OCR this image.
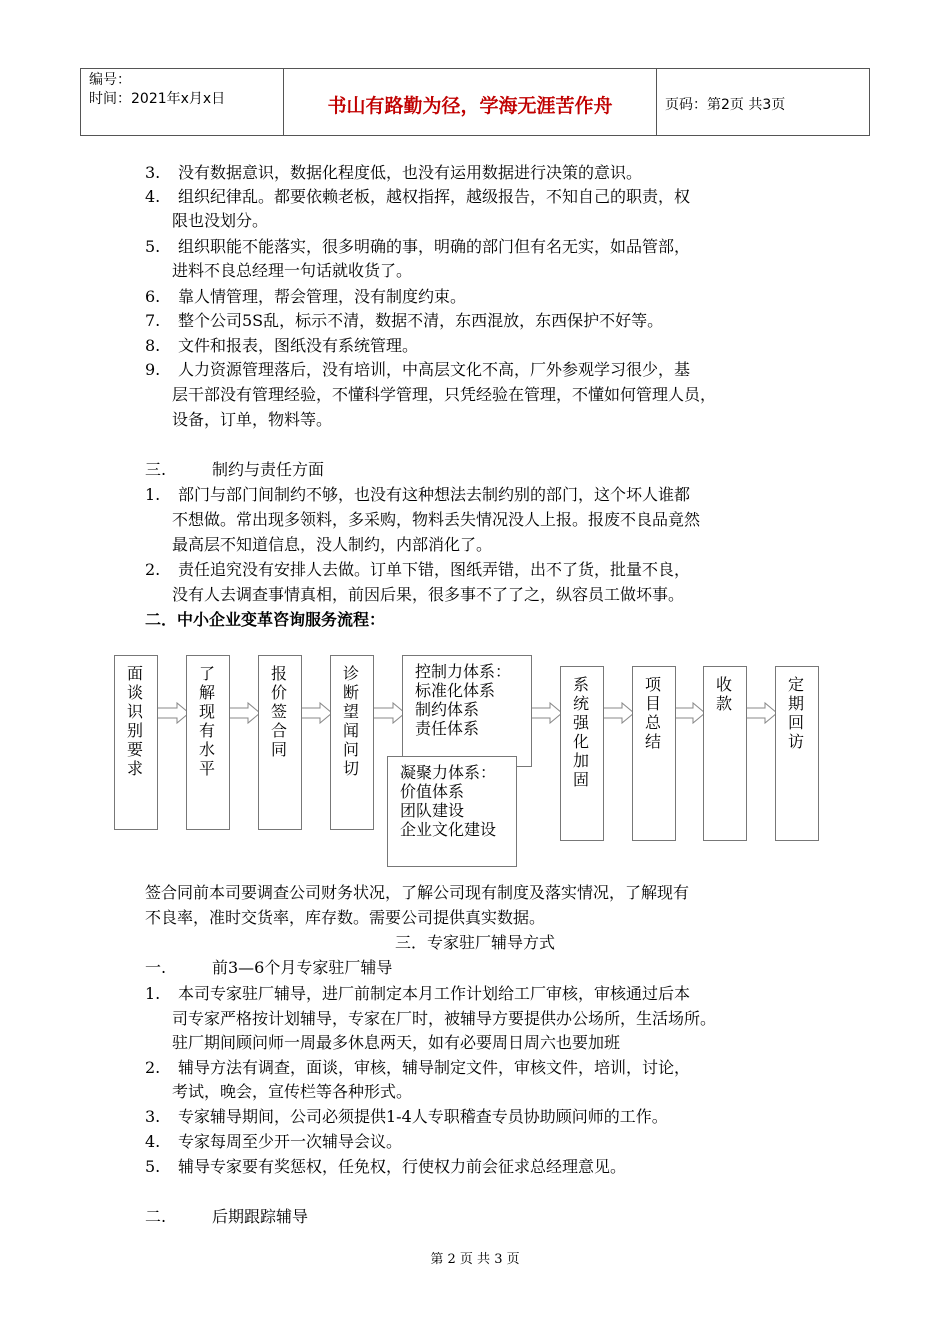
编号：
时间：2021年x月x日	书山有路勤为径，学海无涯苦作舟	页码：第2页 共3页
3. 没有数据意识，数据化程度低，也没有运用数据进行决策的意识。
4. 组织纪律乱。都要依赖老板，越权指挥，越级报告，不知自己的职责，权
限也没划分。
5. 组织职能不能落实，很多明确的事，明确的部门但有名无实，如品管部，
进料不良总经理一句话就收货了。
6. 靠人情管理，帮会管理，没有制度约束。
7. 整个公司5S乱，标示不清，数据不清，东西混放，东西保护不好等。
8. 文件和报表，图纸没有系统管理。
9. 人力资源管理落后，没有培训，中高层文化不高，厂外参观学习很少，基
层干部没有管理经验，不懂科学管理，只凭经验在管理，不懂如何管理人员，
设备，订单，物料等。
三.	制约与责任方面
1. 部门与部门间制约不够，也没有这种想法去制约别的部门，这个坏人谁都
不想做。常出现多领料，多采购，物料丢失情况没人上报。报废不良品竟然
最高层不知道信息，没人制约，内部消化了。
2. 责任追究没有安排人去做。订单下错，图纸弄错，出不了货，批量不良，
没有人去调查事情真相，前因后果，很多事不了了之，纵容员工做坏事。
二．中小企业变革咨询服务流程：
面谈识别要求
了解现有水平
报价签合同
诊断望闻问切
控制力体系：
标准化体系
制约体系
责任体系
凝聚力体系：
价值体系
团队建设
企业文化建设
系统强化加固
项目总结
收款
定期回访
签合同前本司要调查公司财务状况，了解公司现有制度及落实情况，了解现有
不良率，准时交货率，库存数。需要公司提供真实数据。
三．专家驻厂辅导方式
一.	前3—6个月专家驻厂辅导
1. 本司专家驻厂辅导，进厂前制定本月工作计划给工厂审核，审核通过后本
司专家严格按计划辅导，专家在厂时，被辅导方要提供办公场所，生活场所。
驻厂期间顾问师一周最多休息两天，如有必要周日周六也要加班
2. 辅导方法有调查，面谈，审核，辅导制定文件，审核文件，培训，讨论，
考试，晚会，宣传栏等各种形式。
3. 专家辅导期间，公司必须提供1-4人专职稽查专员协助顾问师的工作。
4. 专家每周至少开一次辅导会议。
5. 辅导专家要有奖惩权，任免权，行使权力前会征求总经理意见。
二.	后期跟踪辅导
第 2 页 共 3 页
